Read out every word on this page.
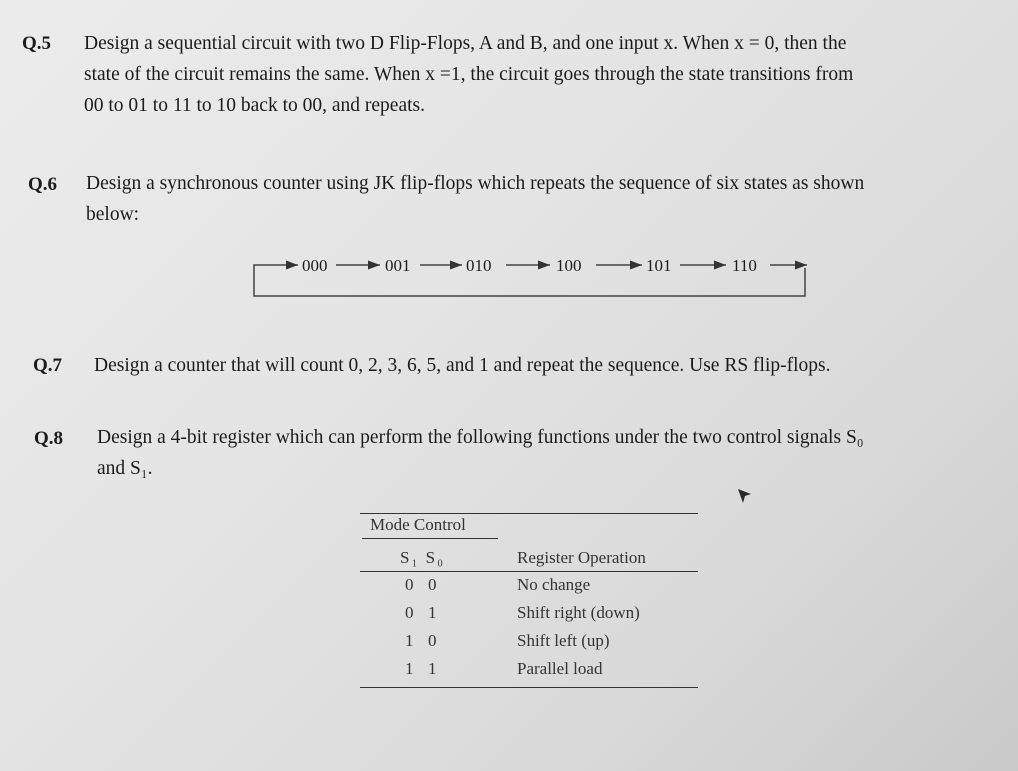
Q.5 Design a sequential circuit with two D Flip-Flops, A and B, and one input x. When x = 0, then the
state of the circuit remains the same. When x =1, the circuit goes through the state transitions from
00 to 01 to 11 to 10 back to 00, and repeats.
Q.6 Design a synchronous counter using JK flip-flops which repeats the sequence of six states as shown
below:
000	001	010	100	101	110
Q.7 Design a counter that will count 0, 2, 3, 6, 5, and 1 and repeat the sequence. Use RS flip-flops.
Q.8 Design a 4-bit register which can perform the following functions under the two control signals S₀
and S₁.
Mode Control
S₁ S₀	Register Operation
0 0	No change
0 1	Shift right (down)
1 0	Shift left (up)
1 1	Parallel load
